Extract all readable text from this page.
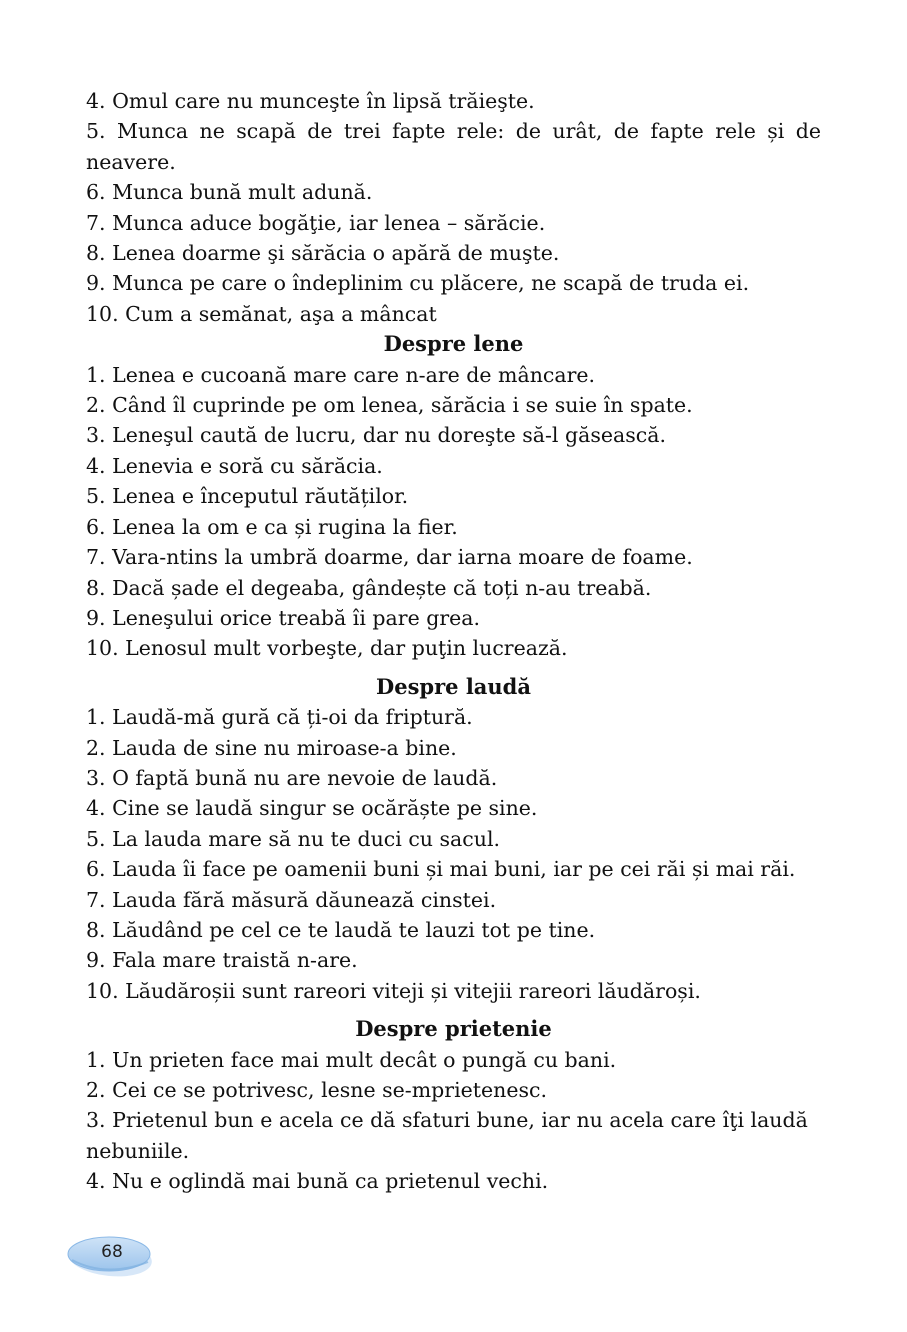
4. Omul care nu munceşte în lipsă trăieşte.
5. Munca ne scapă de trei fapte rele: de urât, de fapte rele și de neavere.
6. Munca bună mult adună.
7. Munca aduce bogăţie, iar lenea – sărăcie.
8. Lenea doarme şi sărăcia o apără de muşte.
9. Munca pe care o îndeplinim cu plăcere, ne scapă de truda ei.
10. Cum a semănat, aşa a mâncat
Despre lene
1. Lenea e cucoană mare care n-are de mâncare.
2. Când îl cuprinde pe om lenea, sărăcia i se suie în spate.
3. Leneşul caută de lucru, dar nu doreşte să-l găsească.
4. Lenevia e soră cu sărăcia.
5. Lenea e începutul răutăților.
6. Lenea la om e ca și rugina la fier.
7. Vara-ntins la umbră doarme, dar iarna moare de foame.
8. Dacă șade el degeaba, gândește că toți n-au treabă.
9. Leneşului orice treabă îi pare grea.
10. Lenosul mult vorbeşte, dar puţin lucrează.
Despre laudă
1. Laudă-mă gură că ți-oi da friptură.
2. Lauda de sine nu miroase-a bine.
3. O faptă bună nu are nevoie de laudă.
4. Cine se laudă singur se ocărăște pe sine.
5. La lauda mare să nu te duci cu sacul.
6. Lauda îi face pe oamenii buni și mai buni, iar pe cei răi și mai răi.
7. Lauda fără măsură dăunează cinstei.
8. Lăudând pe cel ce te laudă te lauzi tot pe tine.
9. Fala mare traistă n-are.
10. Lăudăroșii sunt rareori viteji și vitejii rareori lăudăroși.
Despre prietenie
1. Un prieten face mai mult decât o pungă cu bani.
2. Cei ce se potrivesc, lesne se-mprietenesc.
3. Prietenul bun e acela ce dă sfaturi bune, iar nu acela care îţi laudă nebuniile.
4. Nu e oglindă mai bună ca prietenul vechi.
68
